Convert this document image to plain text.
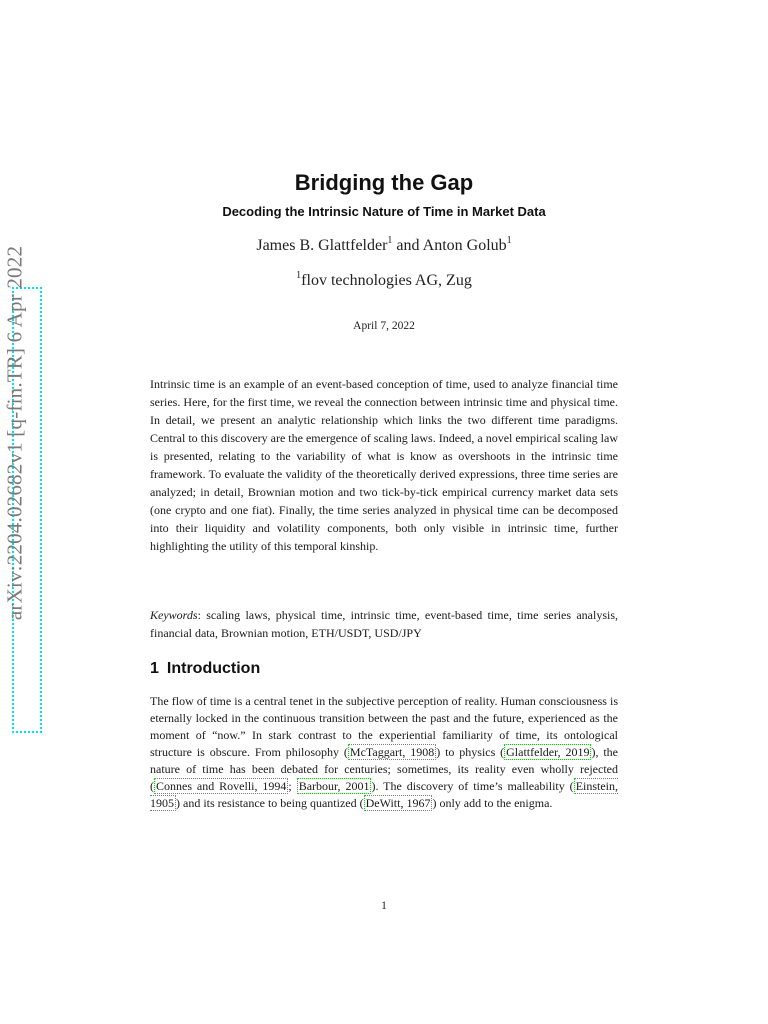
arXiv:2204.02682v1 [q-fin.TR] 6 Apr 2022
Bridging the Gap
Decoding the Intrinsic Nature of Time in Market Data
James B. Glattfelder$^1$ and Anton Golub$^1$
$^1$flov technologies AG, Zug
April 7, 2022

Intrinsic time is an example of an event-based conception of time, used to analyze financial time series. Here, for the first time, we reveal the connection between intrinsic time and physical time. In detail, we present an analytic relationship which links the two different time paradigms. Central to this discovery are the emergence of scaling laws. Indeed, a novel empirical scaling law is presented, relating to the variability of what is know as overshoots in the intrinsic time framework. To evaluate the validity of the theoretically derived expressions, three time series are analyzed; in detail, Brownian motion and two tick-by-tick empirical currency market data sets (one crypto and one fiat). Finally, the time series analyzed in physical time can be decomposed into their liquidity and volatility components, both only visible in intrinsic time, further highlighting the utility of this temporal kinship.

Keywords: scaling laws, physical time, intrinsic time, event-based time, time series analysis, financial data, Brownian motion, ETH/USDT, USD/JPY

1 Introduction

The flow of time is a central tenet in the subjective perception of reality. Human consciousness is eternally locked in the continuous transition between the past and the future, experienced as the moment of “now.” In stark contrast to the experiential familiarity of time, its ontological structure is obscure. From philosophy ( McTaggart, 1908 ) to physics ( Glattfelder, 2019 ), the nature of time has been debated for centuries; sometimes, its reality even wholly rejected ( Connes and Rovelli, 1994 ; Barbour, 2001 ). The discovery of time’s malleability ( Einstein, 1905 ) and its resistance to being quantized ( DeWitt, 1967 ) only add to the enigma.

1
